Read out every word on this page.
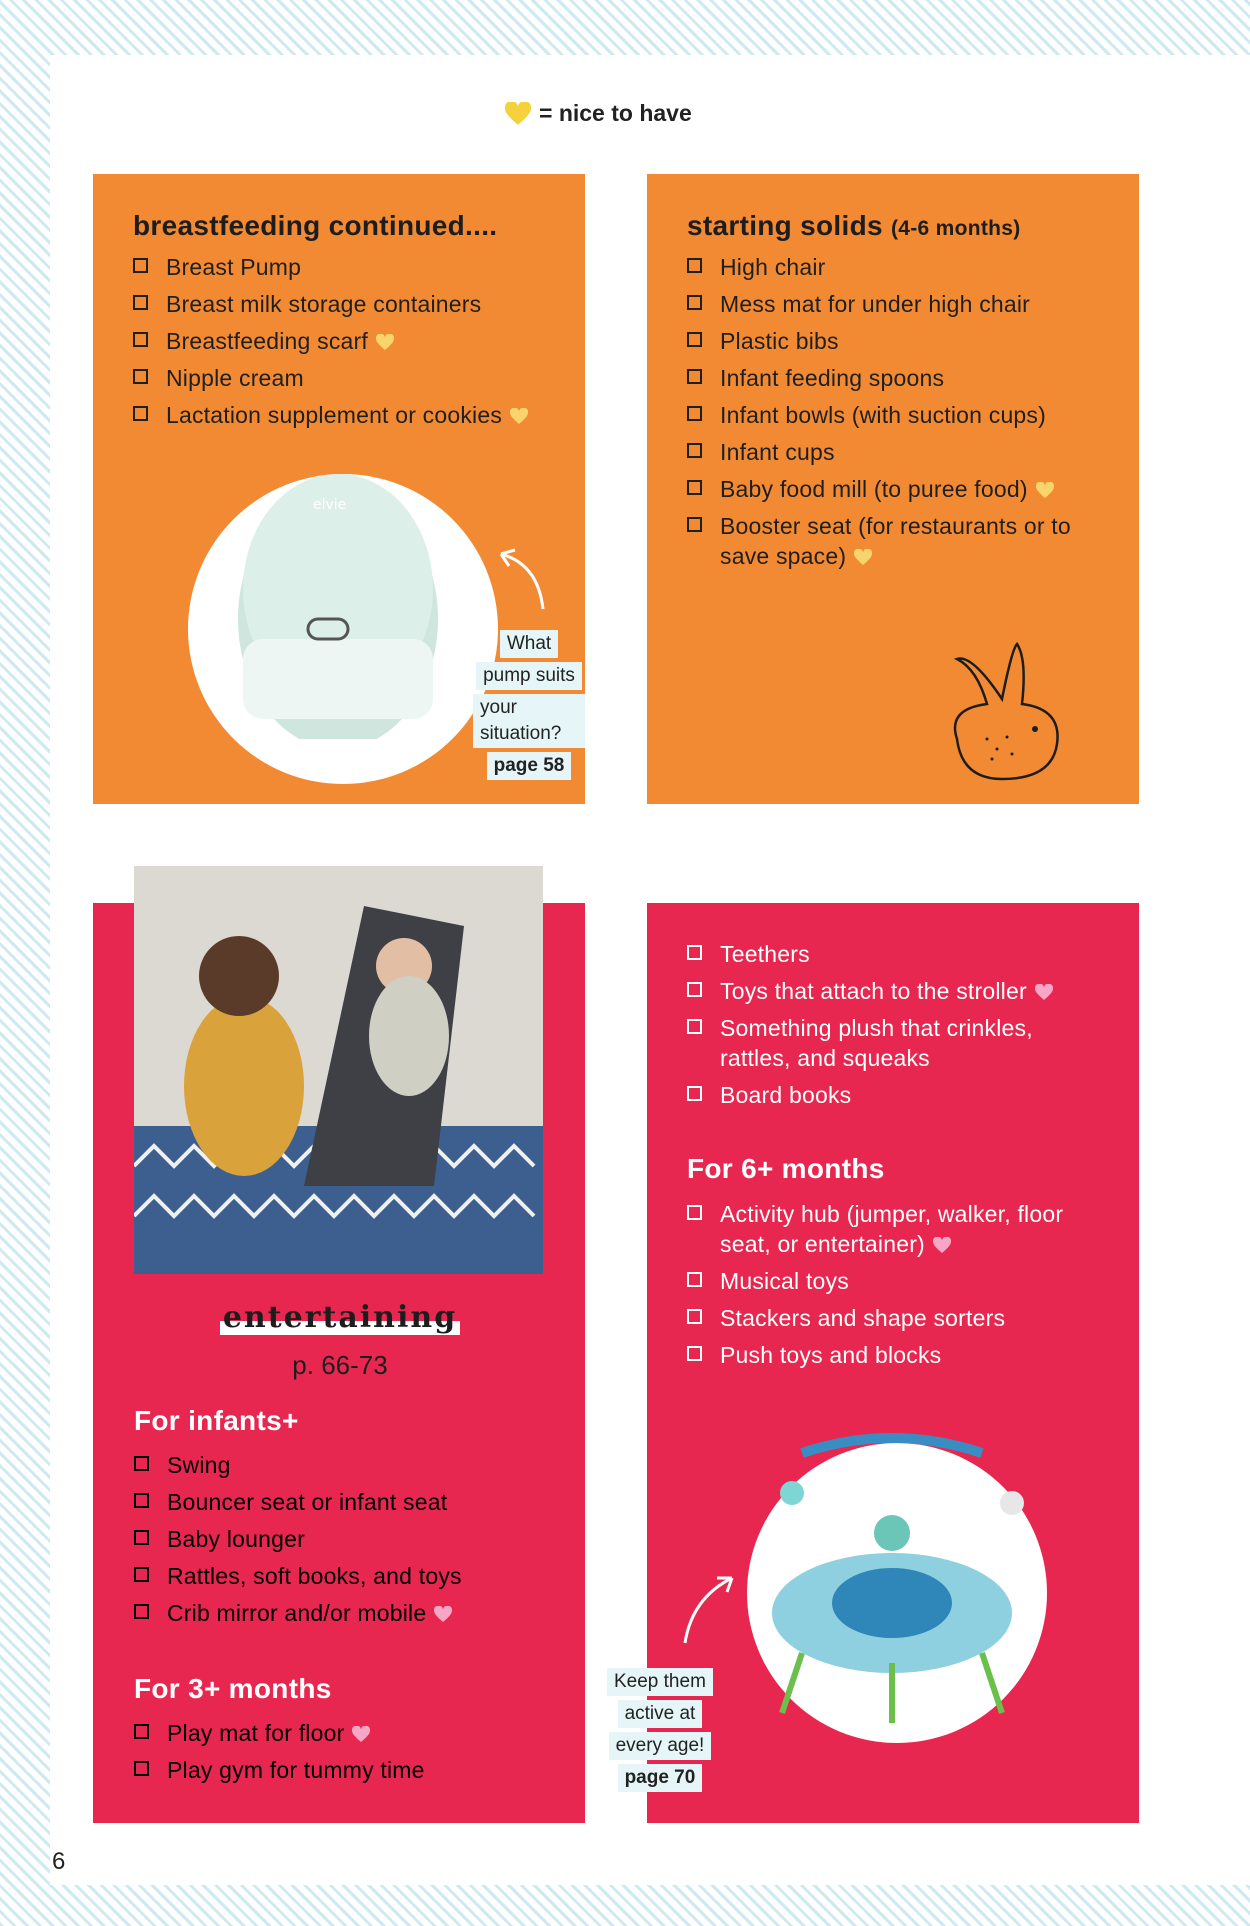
= nice to have
breastfeeding continued....
Breast Pump
Breast milk storage containers
Breastfeeding scarf
Nipple cream
Lactation supplement or cookies
elvie
What
pump suits
your situation?
page 58
starting solids (4-6 months)
High chair
Mess mat for under high chair
Plastic bibs
Infant feeding spoons
Infant bowls (with suction cups)
Infant cups
Baby food mill (to puree food)
Booster seat (for restaurants or to save space)
entertaining
p. 66-73
For infants+
Swing
Bouncer seat or infant seat
Baby lounger
Rattles, soft books, and toys
Crib mirror and/or mobile
For 3+ months
Play mat for floor
Play gym for tummy time
Teethers
Toys that attach to the stroller
Something plush that crinkles, rattles, and squeaks
Board books
For 6+ months
Activity hub (jumper, walker, floor seat, or entertainer)
Musical toys
Stackers and shape sorters
Push toys and blocks
Keep them
active at
every age!
page 70
6
